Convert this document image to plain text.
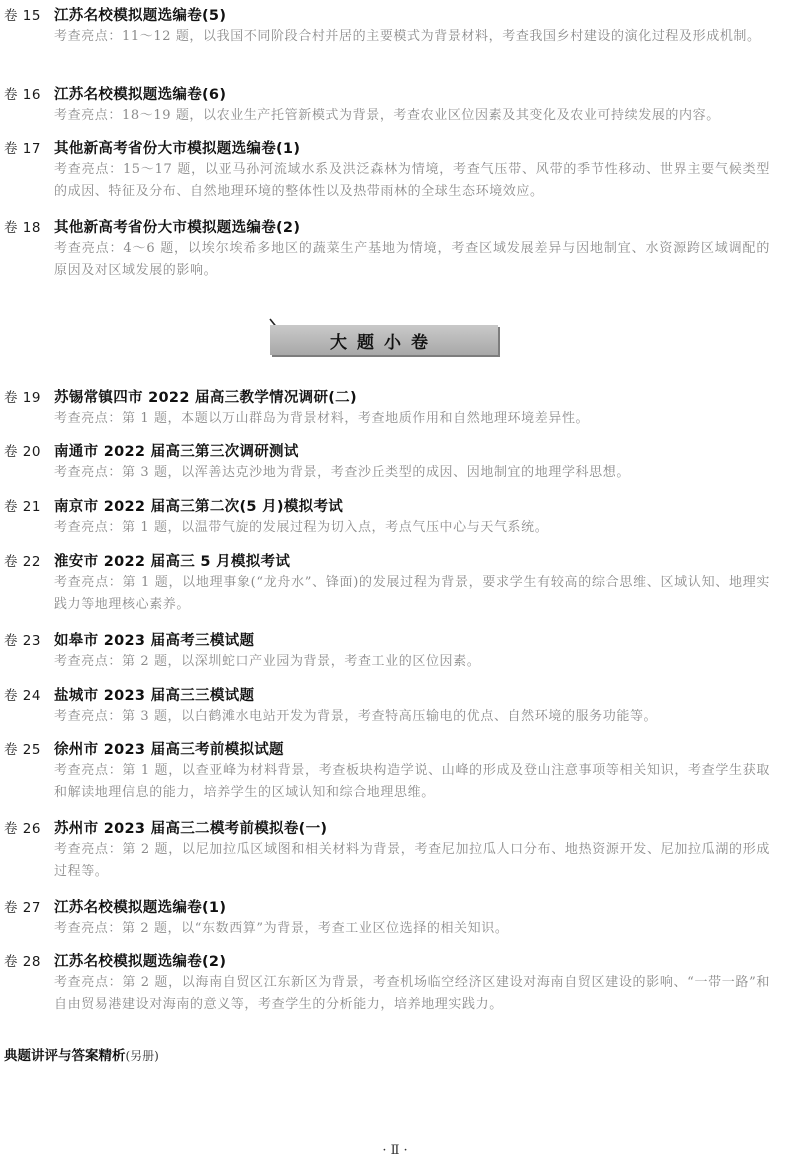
卷 15 江苏名校模拟题选编卷(5)
考查亮点：11～12 题，以我国不同阶段合村并居的主要模式为背景材料，考查我国乡村建设的演化过程及形成机制。
卷 16 江苏名校模拟题选编卷(6)
考查亮点：18～19 题，以农业生产托管新模式为背景，考查农业区位因素及其变化及农业可持续发展的内容。
卷 17 其他新高考省份大市模拟题选编卷(1)
考查亮点：15～17 题，以亚马孙河流域水系及洪泛森林为情境，考查气压带、风带的季节性移动、世界主要气候类型的成因、特征及分布、自然地理环境的整体性以及热带雨林的全球生态环境效应。
卷 18 其他新高考省份大市模拟题选编卷(2)
考查亮点：4～6 题，以埃尔埃希多地区的蔬菜生产基地为情境，考查区域发展差异与因地制宜、水资源跨区域调配的原因及对区域发展的影响。
大题小卷
卷 19 苏锡常镇四市 2022 届高三教学情况调研(二)
考查亮点：第 1 题，本题以万山群岛为背景材料，考查地质作用和自然地理环境差异性。
卷 20 南通市 2022 届高三第三次调研测试
考查亮点：第 3 题，以浑善达克沙地为背景，考查沙丘类型的成因、因地制宜的地理学科思想。
卷 21 南京市 2022 届高三第二次(5 月)模拟考试
考查亮点：第 1 题，以温带气旋的发展过程为切入点，考点气压中心与天气系统。
卷 22 淮安市 2022 届高三 5 月模拟考试
考查亮点：第 1 题，以地理事象(“龙舟水”、锋面)的发展过程为背景，要求学生有较高的综合思维、区域认知、地理实践力等地理核心素养。
卷 23 如皋市 2023 届高考三模试题
考查亮点：第 2 题，以深圳蛇口产业园为背景，考查工业的区位因素。
卷 24 盐城市 2023 届高三三模试题
考查亮点：第 3 题，以白鹤滩水电站开发为背景，考查特高压输电的优点、自然环境的服务功能等。
卷 25 徐州市 2023 届高三考前模拟试题
考查亮点：第 1 题，以查亚峰为材料背景，考查板块构造学说、山峰的形成及登山注意事项等相关知识，考查学生获取和解读地理信息的能力，培养学生的区域认知和综合地理思维。
卷 26 苏州市 2023 届高三二模考前模拟卷(一)
考查亮点：第 2 题，以尼加拉瓜区域图和相关材料为背景，考查尼加拉瓜人口分布、地热资源开发、尼加拉瓜湖的形成过程等。
卷 27 江苏名校模拟题选编卷(1)
考查亮点：第 2 题，以“东数西算”为背景，考查工业区位选择的相关知识。
卷 28 江苏名校模拟题选编卷(2)
考查亮点：第 2 题，以海南自贸区江东新区为背景，考查机场临空经济区建设对海南自贸区建设的影响、“一带一路”和自由贸易港建设对海南的意义等，考查学生的分析能力，培养地理实践力。
典题讲评与答案精析(另册)
· Ⅱ ·
